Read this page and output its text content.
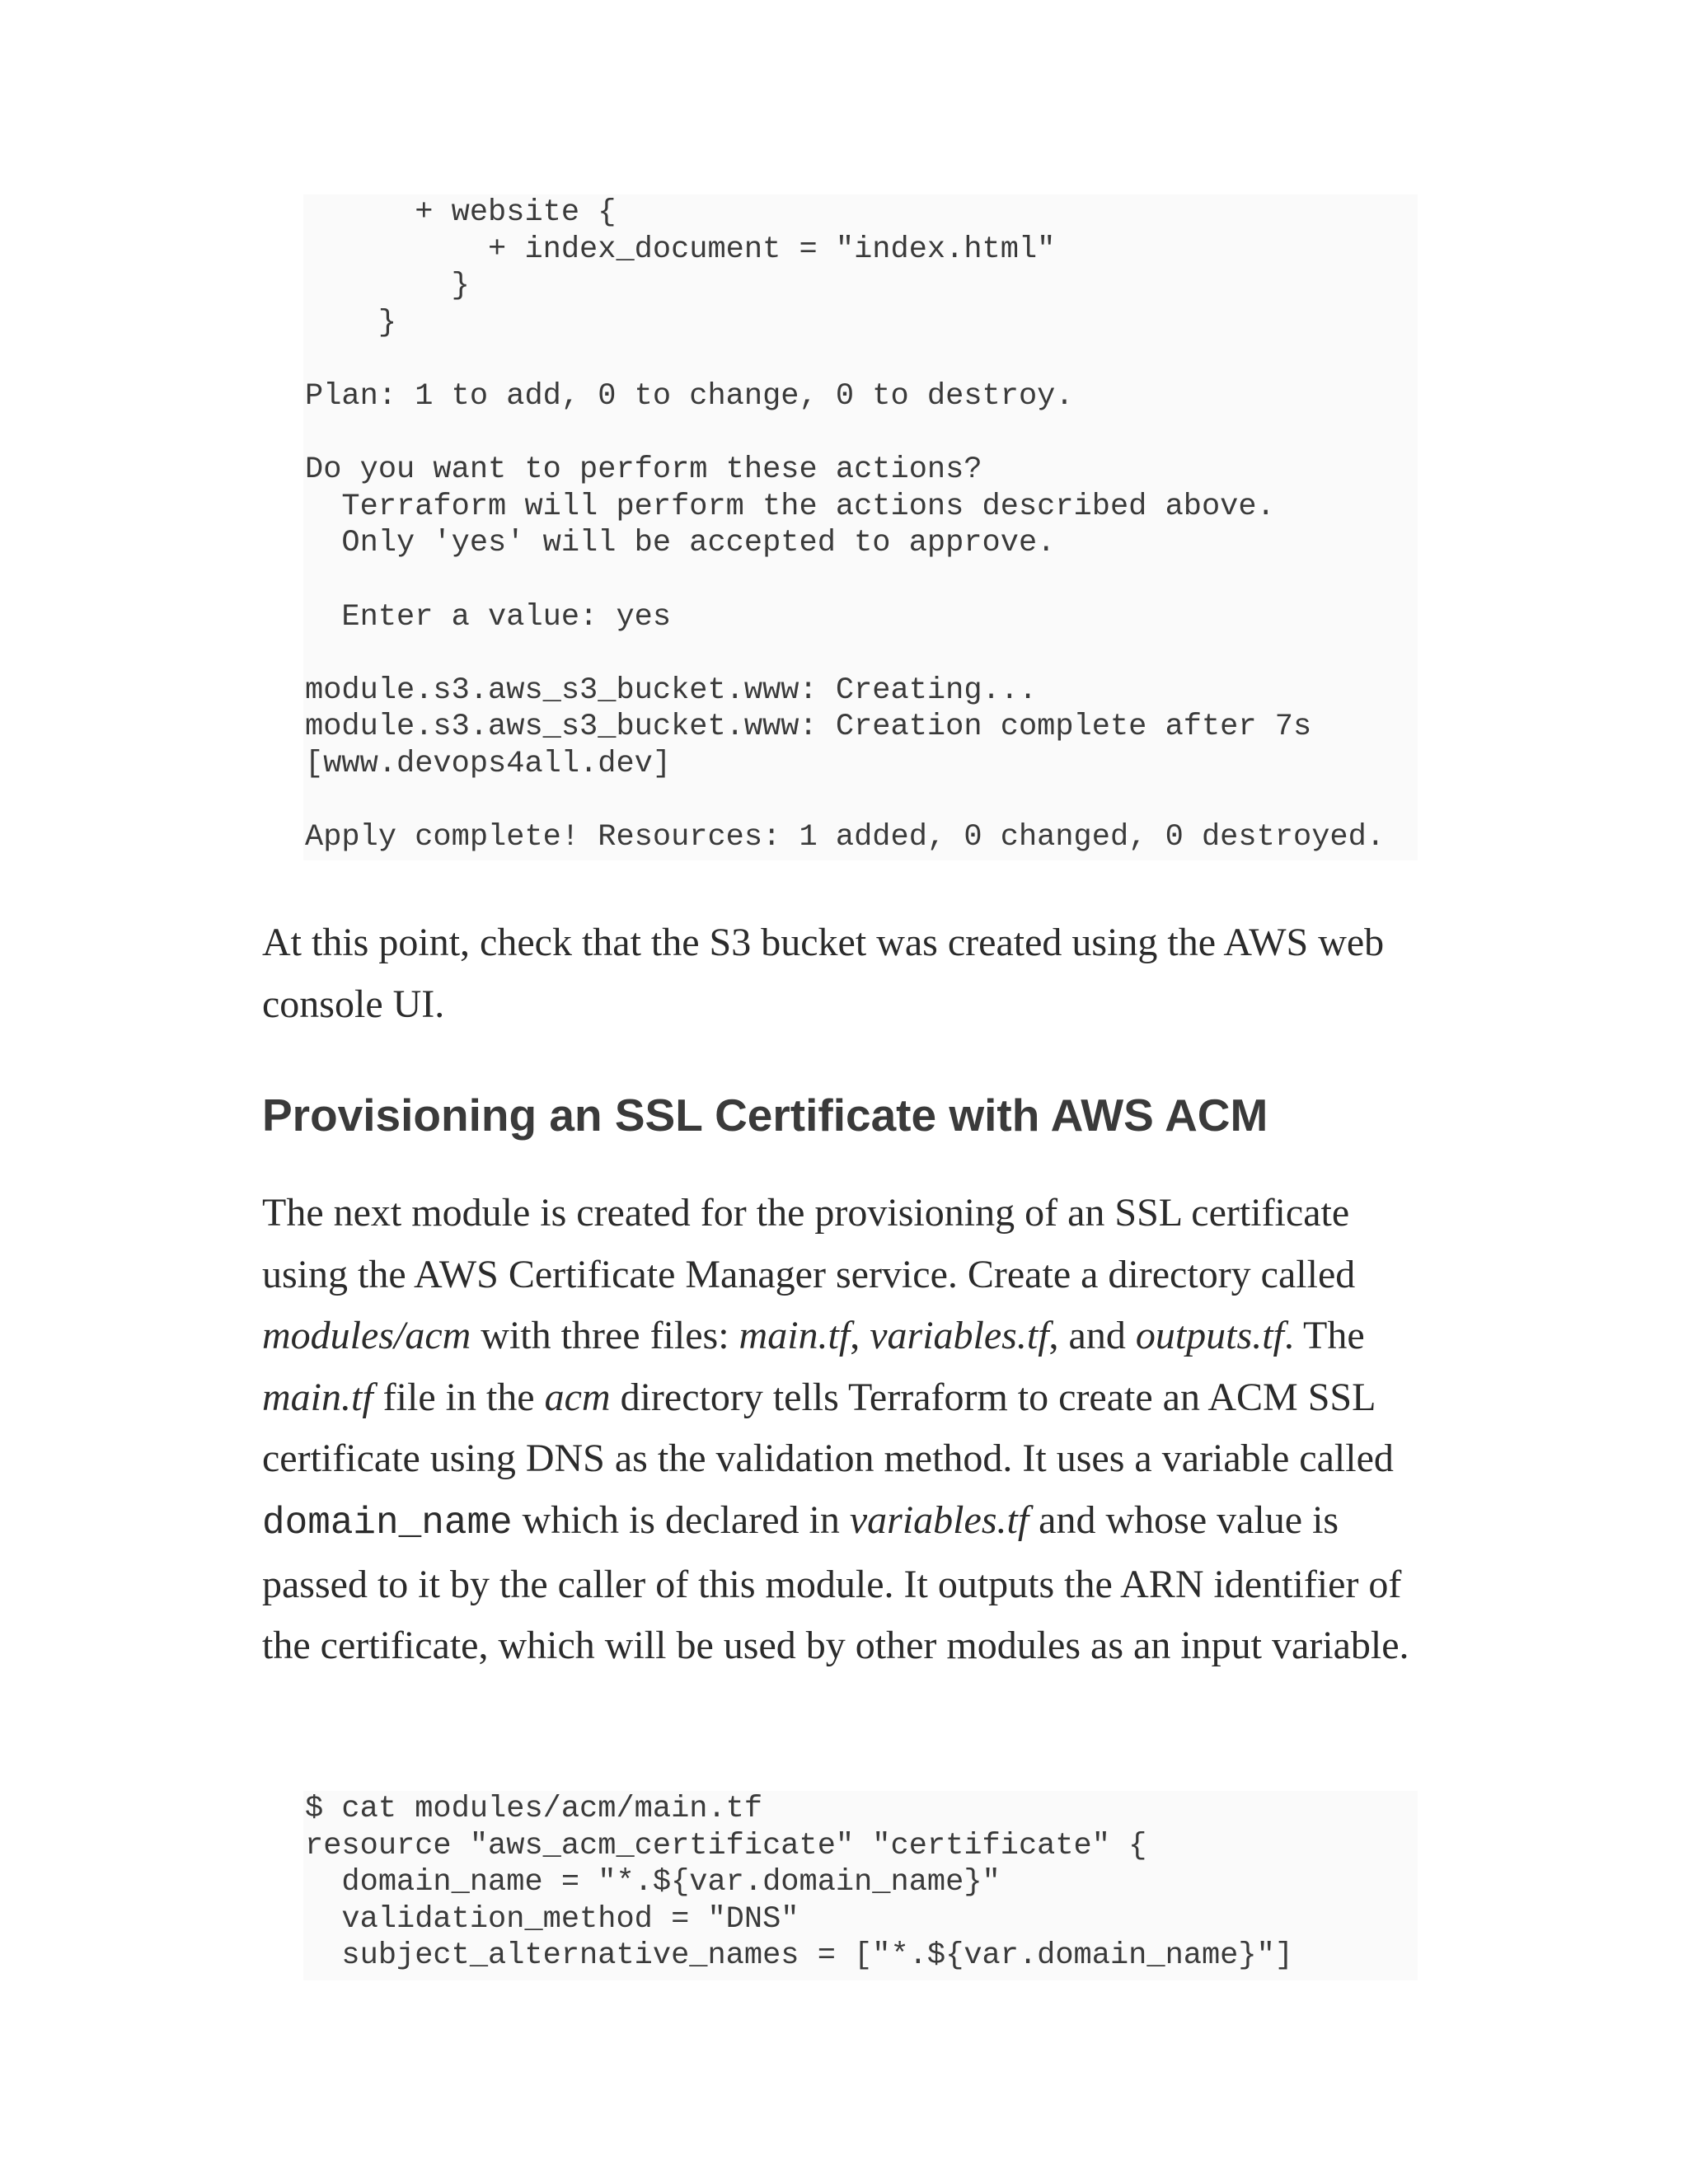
+ website {
+ index_document = "index.html"
}
}
Plan: 1 to add, 0 to change, 0 to destroy.
Do you want to perform these actions?
Terraform will perform the actions described above.
Only 'yes' will be accepted to approve.
Enter a value: yes
module.s3.aws_s3_bucket.www: Creating...
module.s3.aws_s3_bucket.www: Creation complete after 7s
[www.devops4all.dev]
Apply complete! Resources: 1 added, 0 changed, 0 destroyed.

At this point, check that the S3 bucket was created using the AWS web console UI.

Provisioning an SSL Certificate with AWS ACM

The next module is created for the provisioning of an SSL certificate using the AWS Certificate Manager service. Create a directory called modules/acm with three files: main.tf, variables.tf, and outputs.tf. The main.tf file in the acm directory tells Terraform to create an ACM SSL certificate using DNS as the validation method. It uses a variable called domain_name which is declared in variables.tf and whose value is passed to it by the caller of this module. It outputs the ARN identifier of the certificate, which will be used by other modules as an input variable.

$ cat modules/acm/main.tf
resource "aws_acm_certificate" "certificate" {
domain_name = "*.${var.domain_name}"
validation_method = "DNS"
subject_alternative_names = ["*.${var.domain_name}"]
